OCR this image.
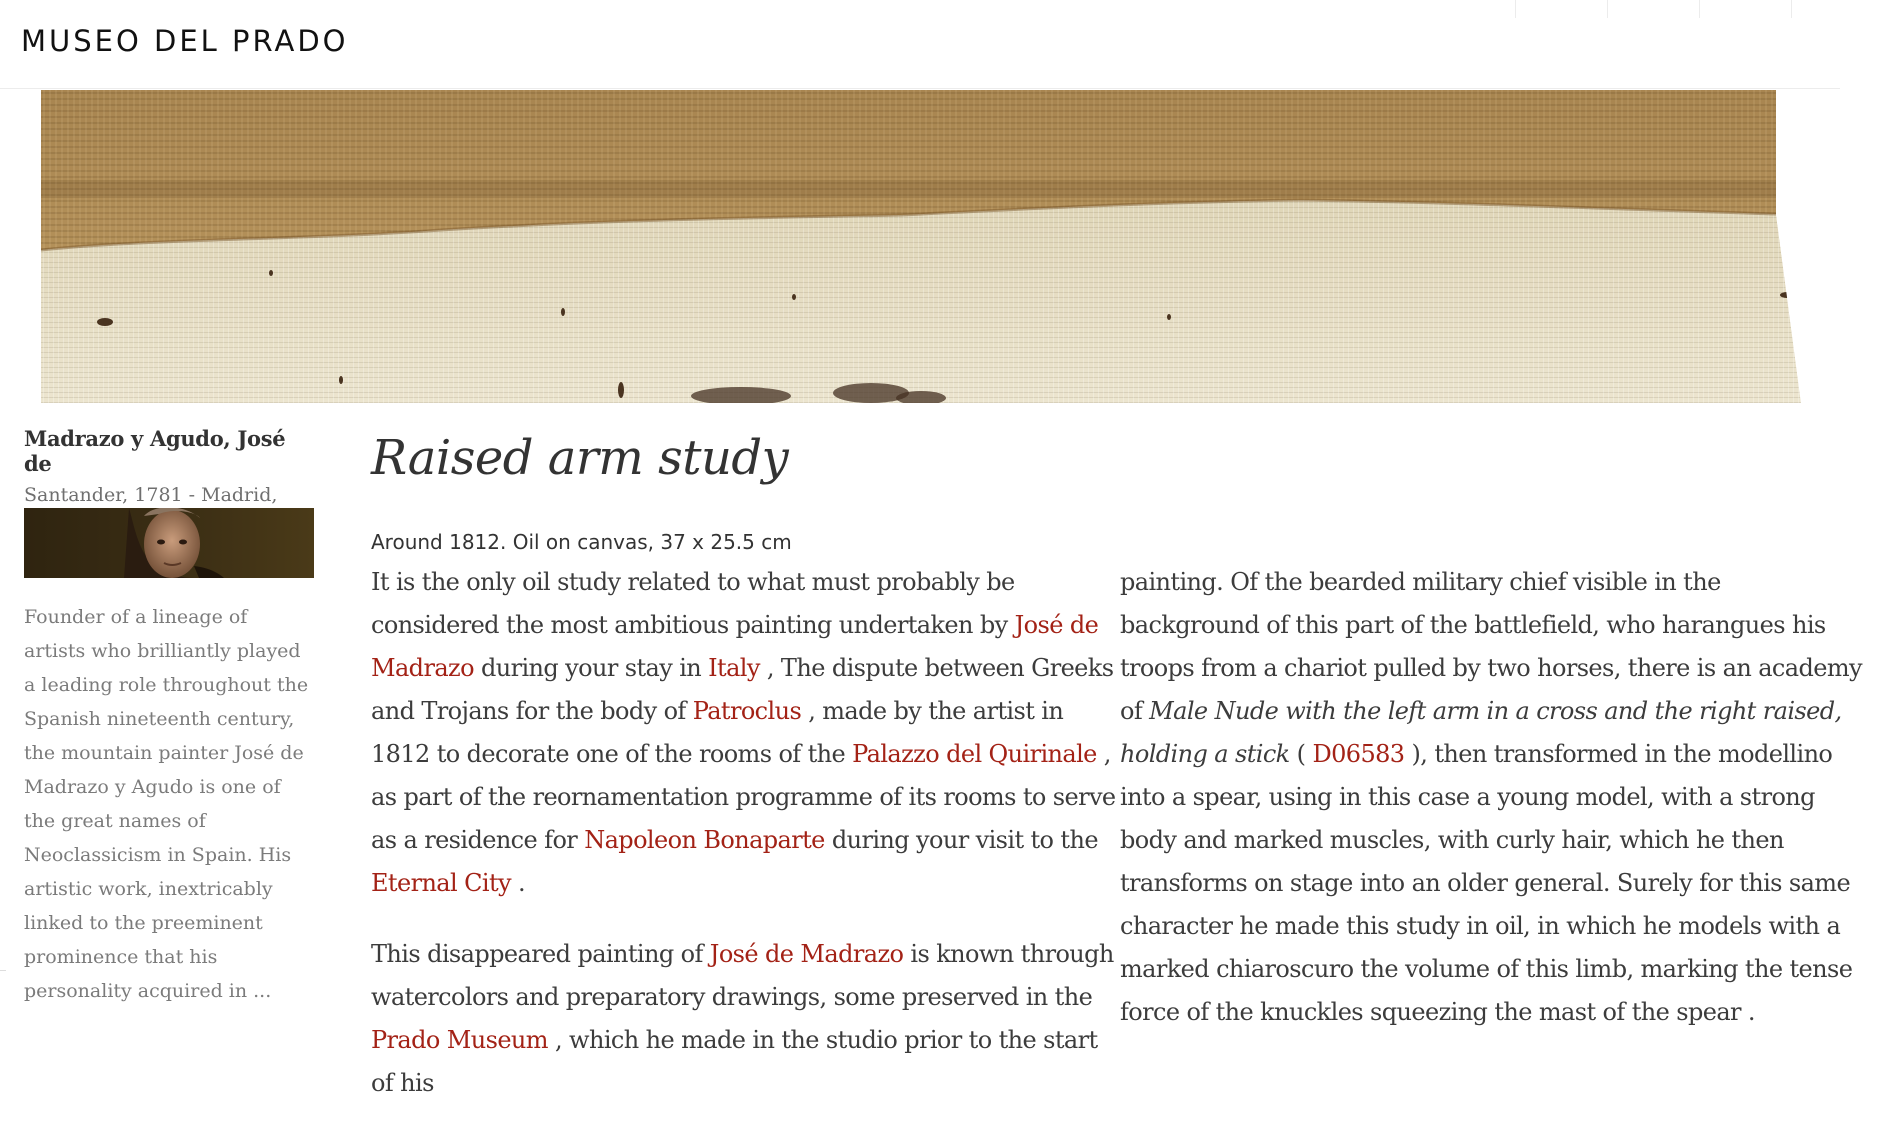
MUSEO DEL PRADO
Madrazo y Agudo, José de
Santander, 1781 - Madrid,
Founder of a lineage of artists who brilliantly played a leading role throughout the Spanish nineteenth century, the mountain painter José de Madrazo y Agudo is one of the great names of Neoclassicism in Spain. His artistic work, inextricably linked to the preeminent prominence that his personality acquired in ...
Raised arm study
Around 1812. Oil on canvas, 37 x 25.5 cm

It is the only oil study related to what must probably be considered the most ambitious painting undertaken by José de Madrazo during your stay in Italy , The dispute between Greeks and Trojans for the body of Patroclus , made by the artist in 1812 to decorate one of the rooms of the Palazzo del Quirinale , as part of the reornamentation programme of its rooms to serve as a residence for Napoleon Bonaparte during your visit to the Eternal City .

This disappeared painting of José de Madrazo is known through watercolors and preparatory drawings, some preserved in the Prado Museum , which he made in the studio prior to the start of his

painting. Of the bearded military chief visible in the background of this part of the battlefield, who harangues his troops from a chariot pulled by two horses, there is an academy of Male Nude with the left arm in a cross and the right raised, holding a stick ( D06583 ), then transformed in the modellino into a spear, using in this case a young model, with a strong body and marked muscles, with curly hair, which he then transforms on stage into an older general. Surely for this same character he made this study in oil, in which he models with a marked chiaroscuro the volume of this limb, marking the tense force of the knuckles squeezing the mast of the spear .
